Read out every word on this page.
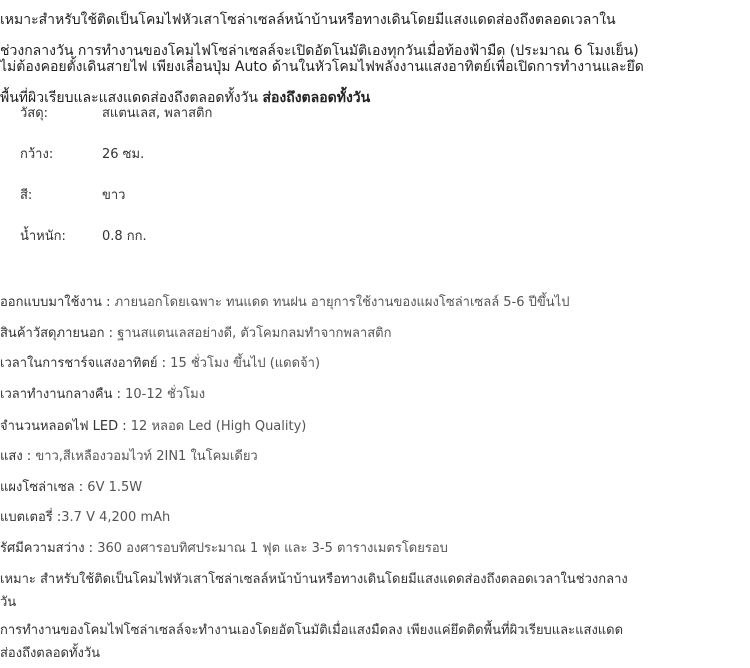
เหมาะสำหรับใช้ติดเป็นโคมไฟหัวเสาโซล่าเซลล์หน้าบ้านหรือทางเดินโดยมีแสงแดดส่องถึงตลอดเวลาใน
ช่วงกลางวัน การทำงานของโคมไฟโซล่าเซลล์จะเปิดอัตโนมัติเองทุกวันเมื่อท้องฟ้ามืด (ประมาณ 6 โมงเย็น)
ไม่ต้องคอยตั้งเดินสายไฟ เพียงเลื่อนปุ่ม Auto ด้านในหัวโคมไฟพลังงานแสงอาทิตย์เพื่อเปิดการทำงานและยึด
พื้นที่ผิวเรียบและแสงแดดส่องถึงตลอดทั้งวัน ส่องถึงตลอดทั้งวัน
วัสดุ:	สแตนเลส, พลาสติก
กว้าง:	26 ซม.
สี:	ขาว
น้ำหนัก:	0.8 กก.
ออกแบบมาใช้งาน : ภายนอกโดยเฉพาะ ทนแดด ทนฝน อายุการใช้งานของแผงโซล่าเซลล์ 5-6 ปีขึ้นไป
สินค้าวัสดุภายนอก : ฐานสแตนเลสอย่างดี, ตัวโคมกลมทำจากพลาสติก
เวลาในการชาร์จแสงอาทิตย์ : 15 ชั่วโมง ขึ้นไป (แดดจ้า)
เวลาทำงานกลางคืน : 10-12 ชั่วโมง
จำนวนหลอดไฟ LED : 12 หลอด Led (High Quality)
แสง : ขาว,สีเหลืองวอมไวท์ 2IN1 ในโคมเดียว
แผงโซล่าเซล : 6V 1.5W
แบตเตอรี่ :3.7 V 4,200 mAh
รัศมีความสว่าง : 360 องศารอบทิศประมาณ 1 ฟุต และ 3-5 ตารางเมตรโดยรอบ
เหมาะ สำหรับใช้ติดเป็นโคมไฟหัวเสาโซล่าเซลล์หน้าบ้านหรือทางเดินโดยมีแสงแดดส่องถึงตลอดเวลาในช่วงกลาง
วัน
การทำงานของโคมไฟโซล่าเซลล์จะทำงานเองโดยอัตโนมัติเมื่อแสงมืดลง เพียงแค่ยึดติดพื้นที่ผิวเรียบและแสงแดด
ส่องถึงตลอดทั้งวัน
